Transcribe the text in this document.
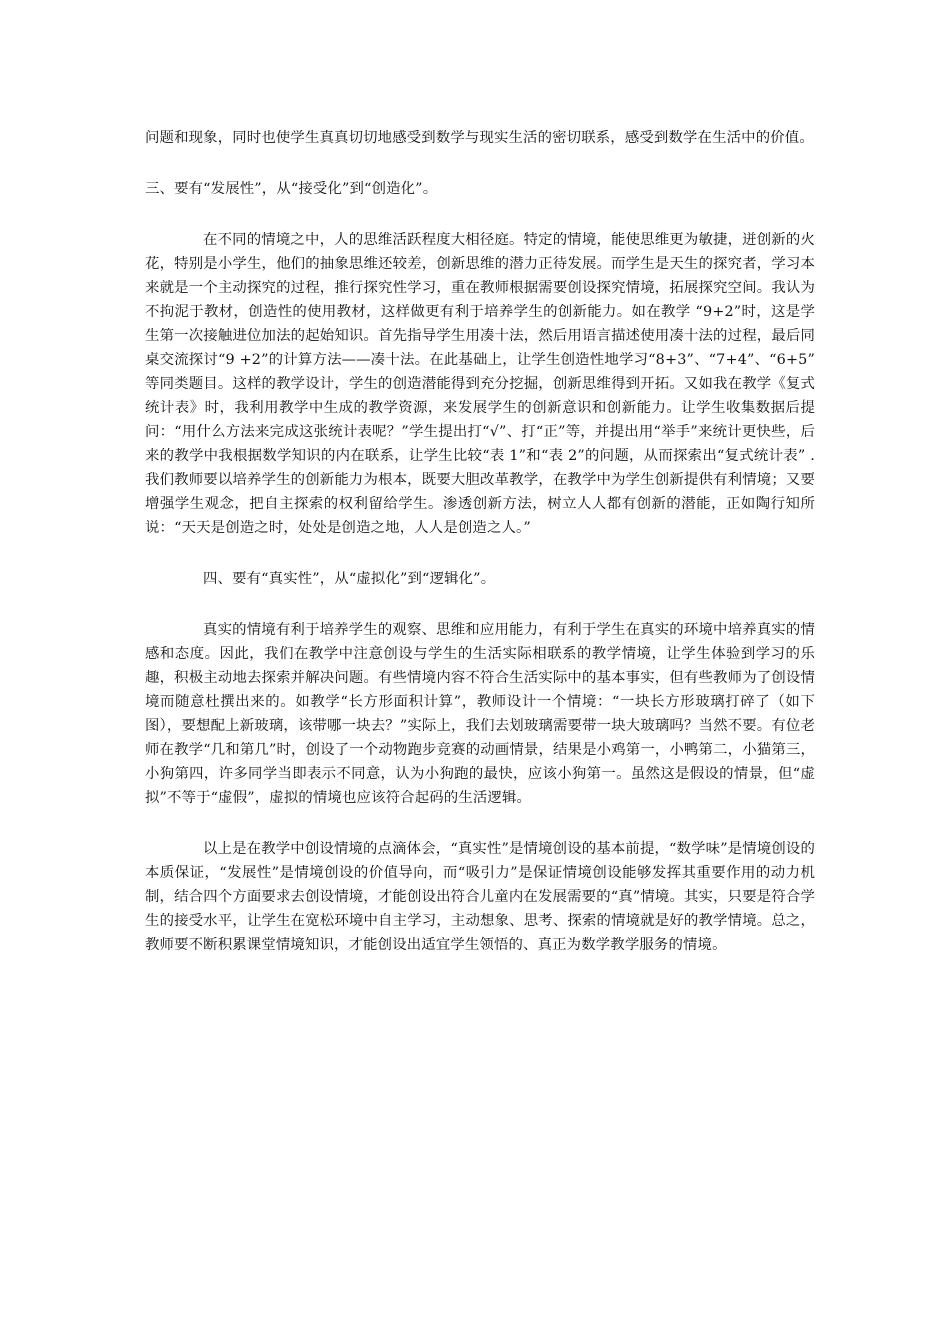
问题和现象，同时也使学生真真切切地感受到数学与现实生活的密切联系，感受到数学在生活中的价值。

三、要有“发展性”，从“接受化”到“创造化”。

在不同的情境之中，人的思维活跃程度大相径庭。特定的情境，能使思维更为敏捷，迸创新的火花，特别是小学生，他们的抽象思维还较差，创新思维的潜力正待发展。而学生是天生的探究者，学习本来就是一个主动探究的过程，推行探究性学习，重在教师根据需要创设探究情境，拓展探究空间。我认为不拘泥于教材，创造性的使用教材，这样做更有利于培养学生的创新能力。如在教学 “9+2”时，这是学生第一次接触进位加法的起始知识。首先指导学生用凑十法，然后用语言描述使用凑十法的过程，最后同桌交流探讨“9 +2”的计算方法——凑十法。在此基础上，让学生创造性地学习“8+3”、“7+4”、“6+5” 等同类题目。这样的教学设计，学生的创造潜能得到充分挖掘，创新思维得到开拓。又如我在教学《复式统计表》时，我利用教学中生成的教学资源，来发展学生的创新意识和创新能力。让学生收集数据后提问：“用什么方法来完成这张统计表呢？”学生提出打“√”、打“正”等，并提出用“举手”来统计更快些，后来的教学中我根据数学知识的内在联系，让学生比较“表 1”和“表 2”的问题，从而探索出“复式统计表” .我们教师要以培养学生的创新能力为根本，既要大胆改革教学，在教学中为学生创新提供有利情境；又要增强学生观念，把自主探索的权利留给学生。渗透创新方法，树立人人都有创新的潜能，正如陶行知所说：“天天是创造之时，处处是创造之地，人人是创造之人。”

四、要有“真实性”，从“虚拟化”到“逻辑化”。

真实的情境有利于培养学生的观察、思维和应用能力，有利于学生在真实的环境中培养真实的情感和态度。因此，我们在教学中注意创设与学生的生活实际相联系的教学情境，让学生体验到学习的乐趣，积极主动地去探索并解决问题。有些情境内容不符合生活实际中的基本事实，但有些教师为了创设情境而随意杜撰出来的。如教学“长方形面积计算”，教师设计一个情境：“一块长方形玻璃打碎了（如下图），要想配上新玻璃，该带哪一块去？”实际上，我们去划玻璃需要带一块大玻璃吗？当然不要。有位老师在教学“几和第几”时，创设了一个动物跑步竞赛的动画情景，结果是小鸡第一，小鸭第二，小猫第三，小狗第四，许多同学当即表示不同意，认为小狗跑的最快，应该小狗第一。虽然这是假设的情景，但“虚拟”不等于“虚假”，虚拟的情境也应该符合起码的生活逻辑。

以上是在教学中创设情境的点滴体会，“真实性”是情境创设的基本前提，“数学味”是情境创设的本质保证，“发展性”是情境创设的价值导向，而“吸引力”是保证情境创设能够发挥其重要作用的动力机制，结合四个方面要求去创设情境，才能创设出符合儿童内在发展需要的“真”情境。其实，只要是符合学生的接受水平，让学生在宽松环境中自主学习，主动想象、思考、探索的情境就是好的教学情境。总之，教师要不断积累课堂情境知识，才能创设出适宜学生领悟的、真正为数学教学服务的情境。
